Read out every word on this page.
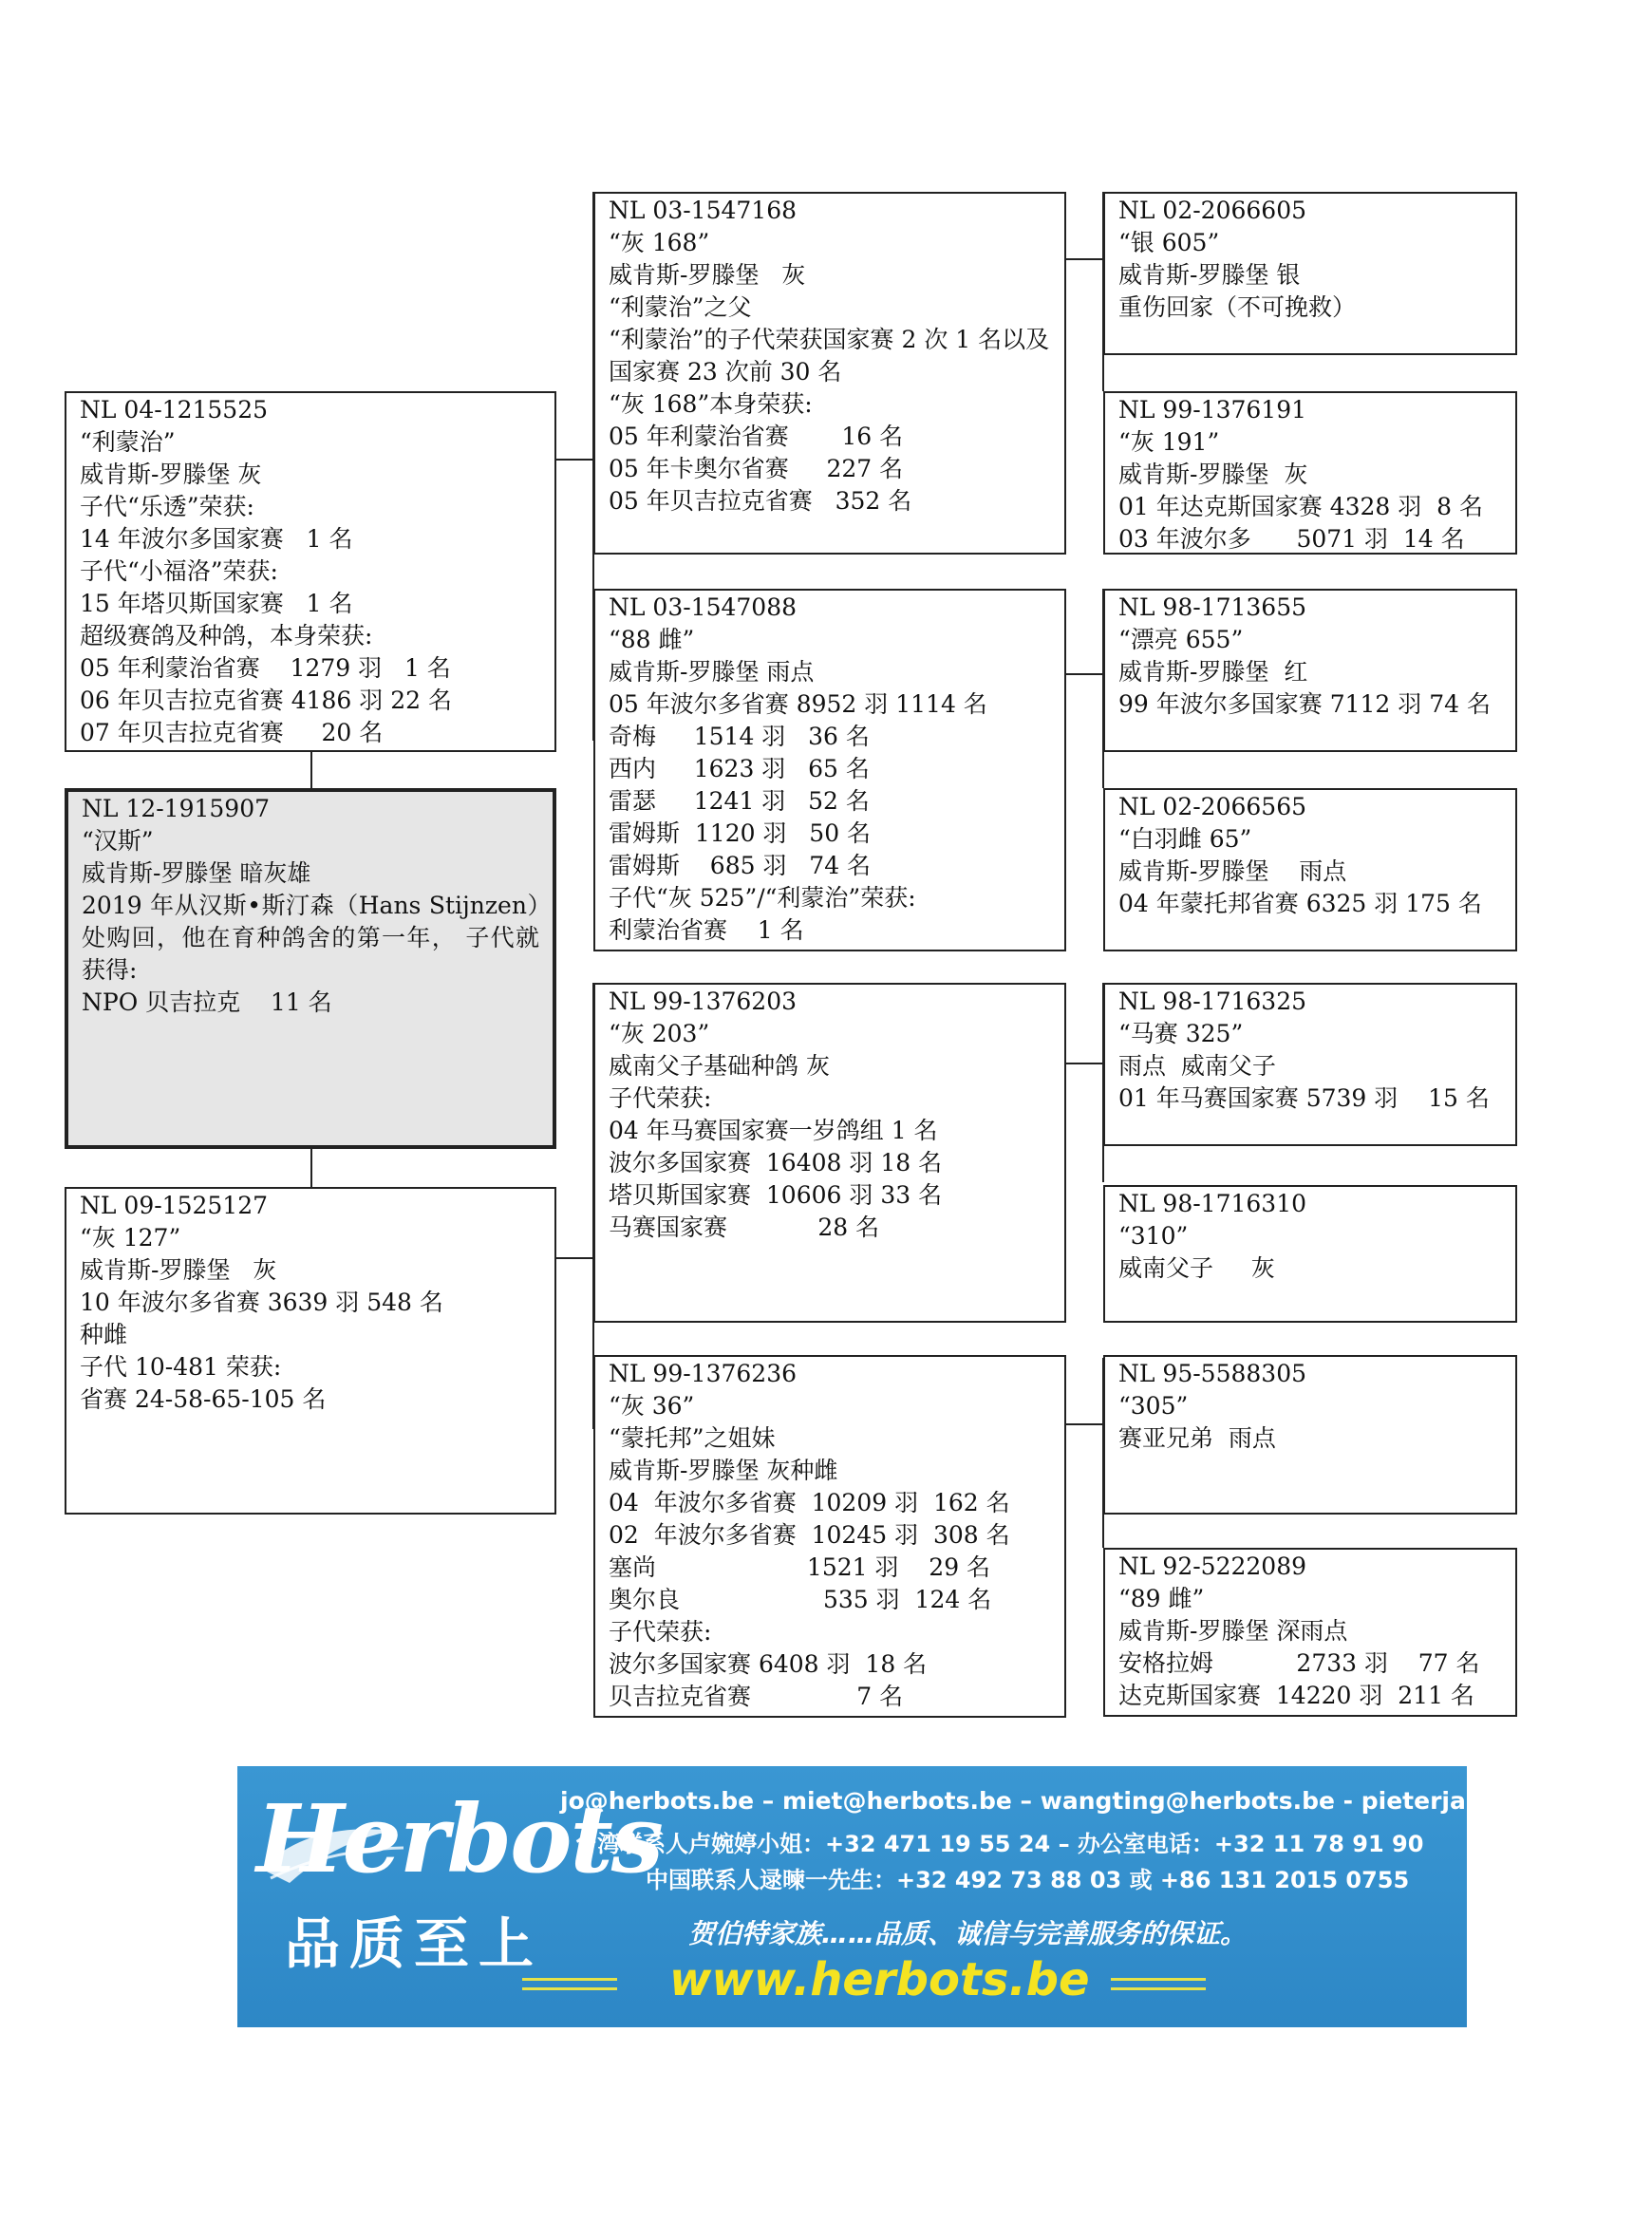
NL 12-1915907
“汉斯”
威肯斯-罗滕堡 暗灰雄
2019 年从汉斯•斯汀森（Hans Stijnzen）处购回，他在育种鸽舍的第一年， 子代就获得:
NPO 贝吉拉克    11 名
NL 04-1215525
“利蒙治”
威肯斯-罗滕堡 灰
子代“乐透”荣获:
14 年波尔多国家赛   1 名
子代“小福洛”荣获:
15 年塔贝斯国家赛   1 名
超级赛鸽及种鸽，本身荣获:
05 年利蒙治省赛    1279 羽   1 名
06 年贝吉拉克省赛 4186 羽 22 名
07 年贝吉拉克省赛     20 名
NL 09-1525127
“灰 127”
威肯斯-罗滕堡   灰
10 年波尔多省赛 3639 羽 548 名
种雌
子代 10-481 荣获:
省赛 24-58-65-105 名
NL 03-1547168
“灰 168”
威肯斯-罗滕堡   灰
“利蒙治”之父
“利蒙治”的子代荣获国家赛 2 次 1 名以及国家赛 23 次前 30 名
“灰 168”本身荣获:
05 年利蒙治省赛       16 名
05 年卡奥尔省赛     227 名
05 年贝吉拉克省赛   352 名
NL 03-1547088
“88 雌”
威肯斯-罗滕堡 雨点
05 年波尔多省赛 8952 羽 1114 名
奇梅     1514 羽   36 名
西内     1623 羽   65 名
雷瑟     1241 羽   52 名
雷姆斯  1120 羽   50 名
雷姆斯    685 羽   74 名
子代“灰 525”/“利蒙治”荣获:
利蒙治省赛    1 名
NL 99-1376203
“灰 203”
威南父子基础种鸽 灰
子代荣获:
04 年马赛国家赛一岁鸽组 1 名
波尔多国家赛  16408 羽 18 名
塔贝斯国家赛  10606 羽 33 名
马赛国家赛            28 名
NL 99-1376236
“灰 36”
“蒙托邦”之姐妹
威肯斯-罗滕堡 灰种雌
04  年波尔多省赛  10209 羽  162 名
02  年波尔多省赛  10245 羽  308 名
塞尚                    1521 羽    29 名
奥尔良                   535 羽  124 名
子代荣获:
波尔多国家赛 6408 羽  18 名
贝吉拉克省赛              7 名
NL 02-2066605
“银 605”
威肯斯-罗滕堡 银
重伤回家（不可挽救）
NL 99-1376191
“灰 191”
威肯斯-罗滕堡  灰
01 年达克斯国家赛 4328 羽  8 名
03 年波尔多      5071 羽  14 名
NL 98-1713655
“漂亮 655”
威肯斯-罗滕堡  红
99 年波尔多国家赛 7112 羽 74 名
NL 02-2066565
“白羽雌 65”
威肯斯-罗滕堡    雨点
04 年蒙托邦省赛 6325 羽 175 名
NL 98-1716325
“马赛 325”
雨点  威南父子
01 年马赛国家赛 5739 羽    15 名
NL 98-1716310
“310”
威南父子     灰
NL 95-5588305
“305”
赛亚兄弟  雨点
NL 92-5222089
“89 雌”
威肯斯-罗滕堡 深雨点
安格拉姆           2733 羽    77 名
达克斯国家赛  14220 羽  211 名
Herbots
品质至上
jo@herbots.be – miet@herbots.be – wangting@herbots.be - pieterjan@herbots.be
台湾联系人卢婉婷小姐：+32 471 19 55 24 – 办公室电话：+32 11 78 91 90
中国联系人逯暕一先生：+32 492 73 88 03 或 +86 131 2015 0755
贺伯特家族……品质、诚信与完善服务的保证。
www.herbots.be
